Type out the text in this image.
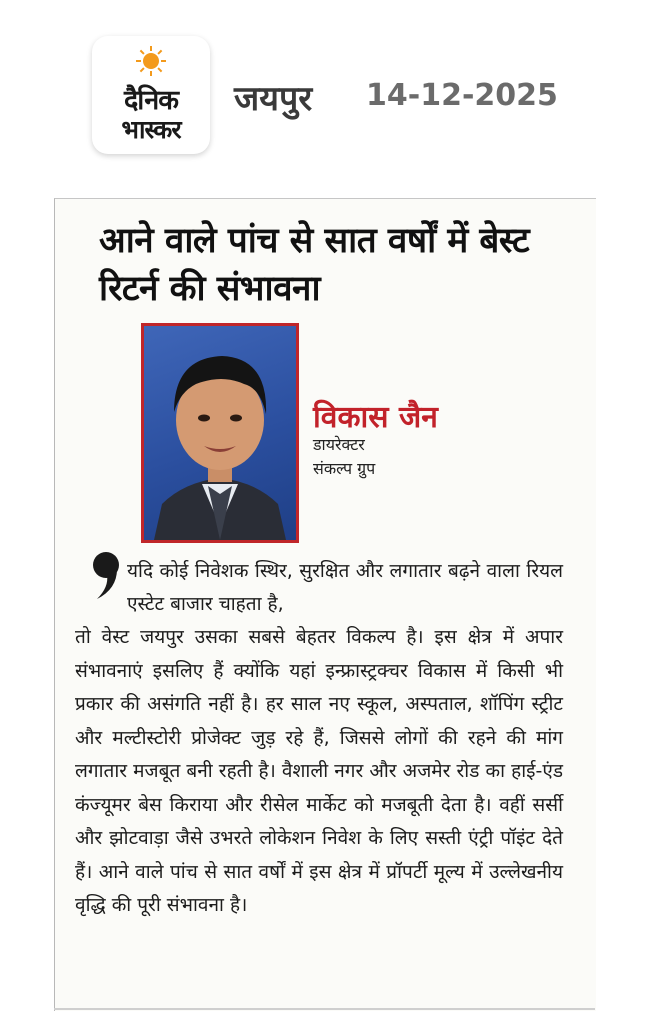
दैनिक
भास्कर
जयपुर 14-12-2025
आने वाले पांच से सात वर्षों में बेस्ट रिटर्न की संभावना
विकास जैन
डायरेक्टर
संकल्प ग्रुप
यदि कोई निवेशक स्थिर, सुरक्षित और लगातार बढ़ने वाला रियल एस्टेट बाजार चाहता है,
तो वेस्ट जयपुर उसका सबसे बेहतर विकल्प है। इस क्षेत्र में अपार संभावनाएं इसलिए हैं क्योंकि यहां इन्फ्रास्ट्रक्चर विकास में किसी भी प्रकार की असंगति नहीं है। हर साल नए स्कूल, अस्पताल, शॉपिंग स्ट्रीट और मल्टीस्टोरी प्रोजेक्ट जुड़ रहे हैं, जिससे लोगों की रहने की मांग लगातार मजबूत बनी रहती है। वैशाली नगर और अजमेर रोड का हाई-एंड कंज्यूमर बेस किराया और रीसेल मार्केट को मजबूती देता है। वहीं सर्सी और झोटवाड़ा जैसे उभरते लोकेशन निवेश के लिए सस्ती एंट्री पॉइंट देते हैं। आने वाले पांच से सात वर्षों में इस क्षेत्र में प्रॉपर्टी मूल्य में उल्लेखनीय वृद्धि की पूरी संभावना है।
